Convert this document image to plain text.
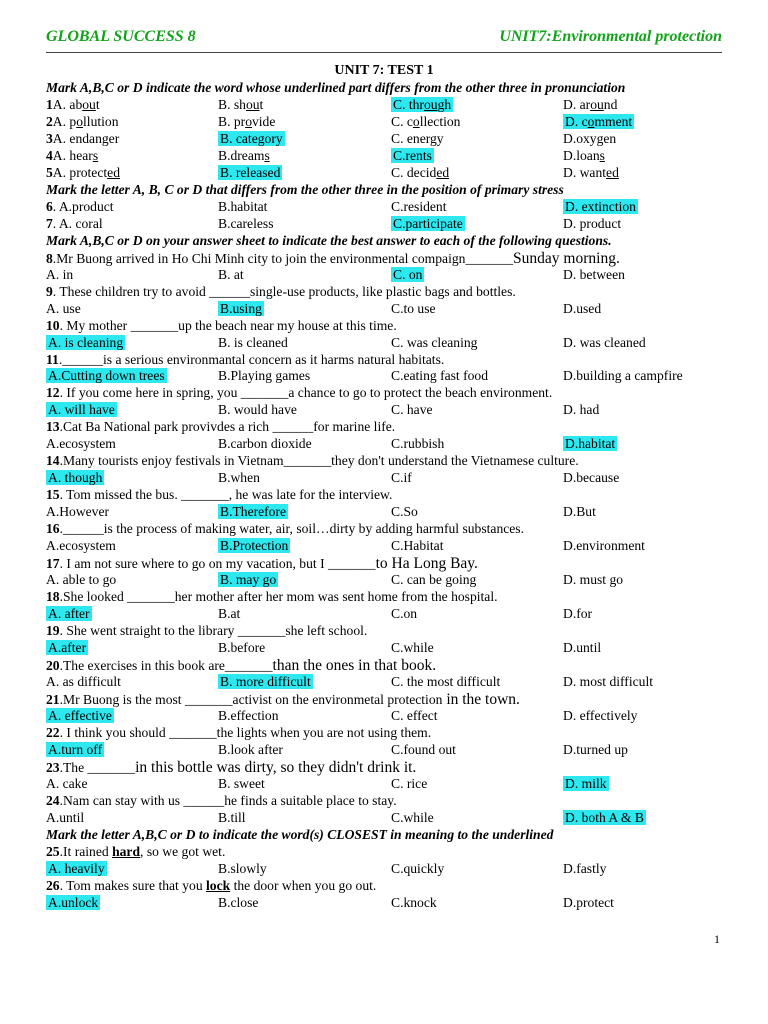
GLOBAL SUCCESS 8	UNIT7:Environmental protection
UNIT 7: TEST 1
Mark A,B,C or D indicate the word whose underlined part differs from the other three in pronunciation
1A. about	B. shout	C. through	D. around
2A. pollution	B. provide	C. collection	D. comment
3A. endanger	B. category	C. energy	D.oxygen
4A. hears	B.dreams	C.rents	D.loans
5A. protected	B. released	C. decided	D. wanted
Mark the letter A, B, C or D that differs from the other three in the position of primary stress
6. A.product	B.habitat	C.resident	D. extinction
7. A. coral	B.careless	C.participate	D. product
Mark A,B,C or D on your answer sheet to indicate the best answer to each of the following questions.
8.Mr Buong arrived in Ho Chi Minh city to join the environmental compaign_______Sunday morning.
A. in	B. at	C. on	D. between
9. These children try to avoid ______single-use products, like plastic bags and bottles.
A. use	B.using	C.to use	D.used
10. My mother _______up the beach near my house at this time.
A. is cleaning	B. is cleaned	C. was cleaning	D. was cleaned
11.______is a serious environmantal concern as it harms natural habitats.
A.Cutting down trees	B.Playing games	C.eating fast food	D.building a campfire
12. If you come here in spring, you _______a chance to go to protect the beach environment.
A. will have	B. would have	C. have	D. had
13.Cat Ba National park provivdes a rich ______for marine life.
A.ecosystem	B.carbon dioxide	C.rubbish	D.habitat
14.Many tourists enjoy festivals in Vietnam_______they don't understand the Vietnamese culture.
A. though	B.when	C.if	D.because
15. Tom missed the bus. _______, he was late for the interview.
A.However	B.Therefore	C.So	D.But
16.______is the process of making water, air, soil…dirty by adding harmful substances.
A.ecosystem	B.Protection	C.Habitat	D.environment
17. I am not sure where to go on my vacation, but I _______to Ha Long Bay.
A. able to go	B. may go	C. can be going	D. must go
18.She looked _______her mother after her mom was sent home from the hospital.
A. after	B.at	C.on	D.for
19. She went straight to the library _______she left school.
A.after	B.before	C.while	D.until
20.The exercises in this book are_______than the ones in that book.
A. as difficult	B. more difficult	C. the most difficult	D. most difficult
21.Mr Buong is the most _______activist on the environmetal protection in the town.
A. effective	B.effection	C. effect	D. effectively
22. I think you should _______the lights when you are not using them.
A.turn off	B.look after	C.found out	D.turned up
23.The _______in this bottle was dirty, so they didn't drink it.
A. cake	B. sweet	C. rice	D. milk
24.Nam can stay with us ______he finds a suitable place to stay.
A.until	B.till	C.while	D. both A & B
Mark the letter A,B,C or D to indicate the word(s) CLOSEST in meaning to the underlined
25.It rained hard, so we got wet.
A. heavily	B.slowly	C.quickly	D.fastly
26. Tom makes sure that you lock the door when you go out.
A.unlock	B.close	C.knock	D.protect
1
